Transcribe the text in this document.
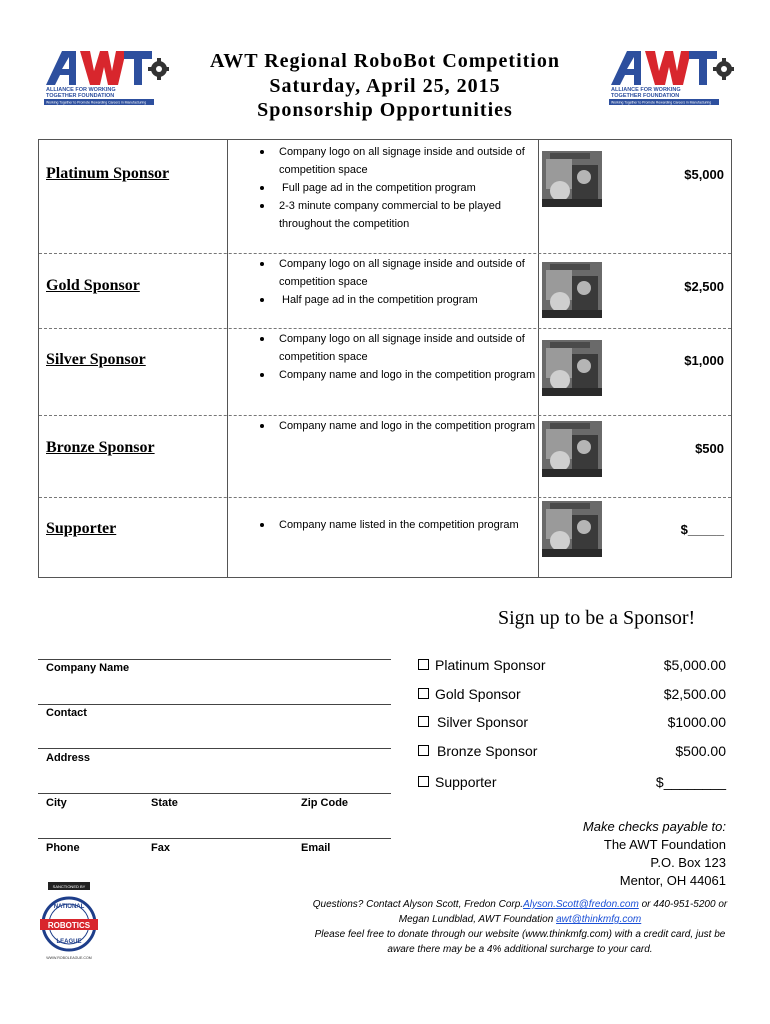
ALLIANCE FOR WORKING
TOGETHER FOUNDATION
Working Together to Promote Rewarding Careers in Manufacturing
ALLIANCE FOR WORKING
TOGETHER FOUNDATION
Working Together to Promote Rewarding Careers in Manufacturing
AWT Regional RoboBot Competition
Saturday, April 25, 2015
Sponsorship Opportunities
Platinum Sponsor
Company logo on all signage inside and outside of competition space
Full page ad in the competition program
2-3 minute company commercial to be played throughout the competition
$5,000
Gold Sponsor
Company logo on all signage inside and outside of competition space
Half page ad in the competition program
$2,500
Silver Sponsor
Company logo on all signage inside and outside of competition space
Company name and logo in the competition program
$1,000
Bronze Sponsor
Company name and logo in the competition program
$500
Supporter	Company name listed in the competition program	$_____
Sign up to be a Sponsor!
Company Name
Contact
Address
City	State	Zip Code
Phone	Fax	Email
Platinum Sponsor	$5,000.00
Gold Sponsor	$2,500.00
Silver Sponsor	$1000.00
Bronze Sponsor	$500.00
Supporter	$________
Make checks payable to:
The AWT Foundation
P.O. Box 123
Mentor, OH 44061
SANCTIONED BY
NATIONAL
ROBOTICS
LEAGUE
WWW.ROBOLEAGUE.COM
Questions? Contact Alyson Scott, Fredon Corp.Alyson.Scott@fredon.com or 440-951-5200 or
Megan Lundblad, AWT Foundation awt@thinkmfg.com
Please feel free to donate through our website (www.thinkmfg.com) with a credit card, just be
aware there may be a 4% additional surcharge to your card.
